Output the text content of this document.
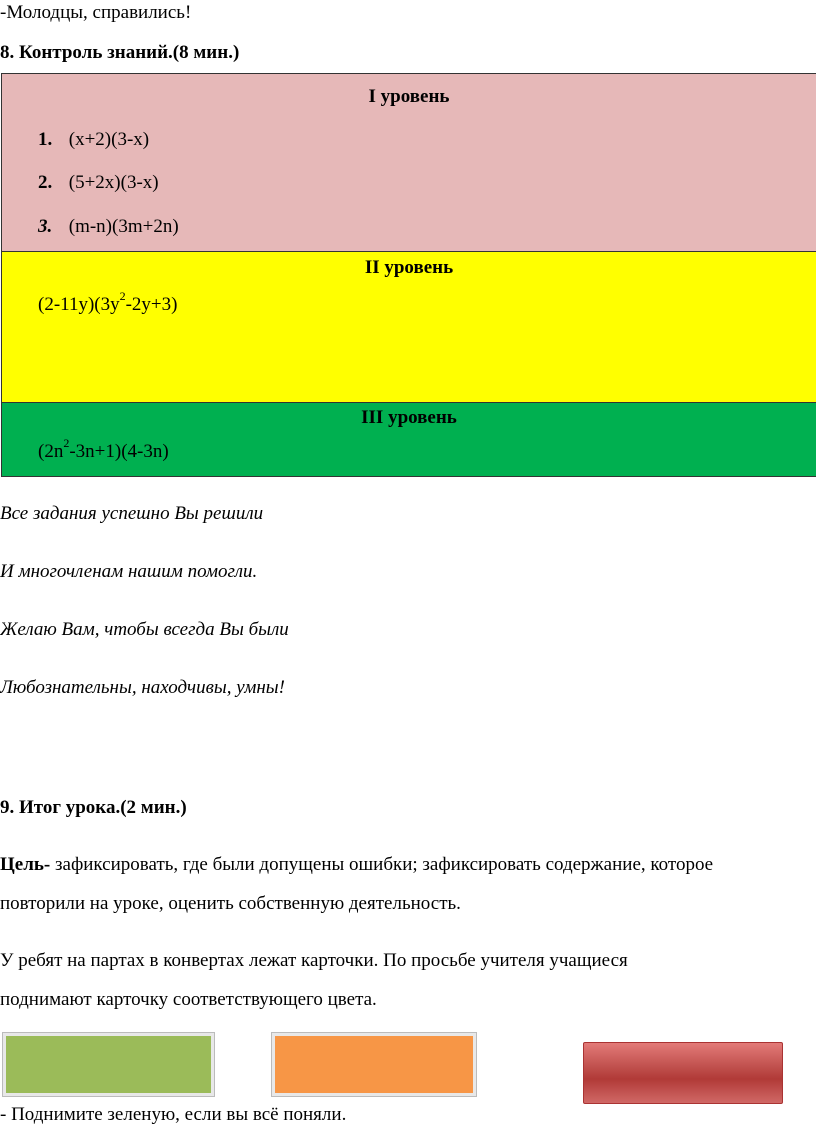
-Молодцы, справились!
8. Контроль знаний.(8 мин.)
I уровень
1. (x+2)(3-x)
2. (5+2x)(3-x)
3. (m-n)(3m+2n)
II уровень
$(2-11y)(3y^2-2y+3)$
III уровень
$(2n^2-3n+1)(4-3n)$
Все задания успешно Вы решили
И многочленам нашим помогли.
Желаю Вам, чтобы всегда Вы были
Любознательны, находчивы, умны!
9. Итог урока.(2 мин.)
Цель- зафиксировать, где были допущены ошибки; зафиксировать содержание, которое
повторили на уроке, оценить собственную деятельность.
У ребят на партах в конвертах лежат карточки. По просьбе учителя учащиеся
поднимают карточку соответствующего цвета.
- Поднимите зеленую, если вы всё поняли.
